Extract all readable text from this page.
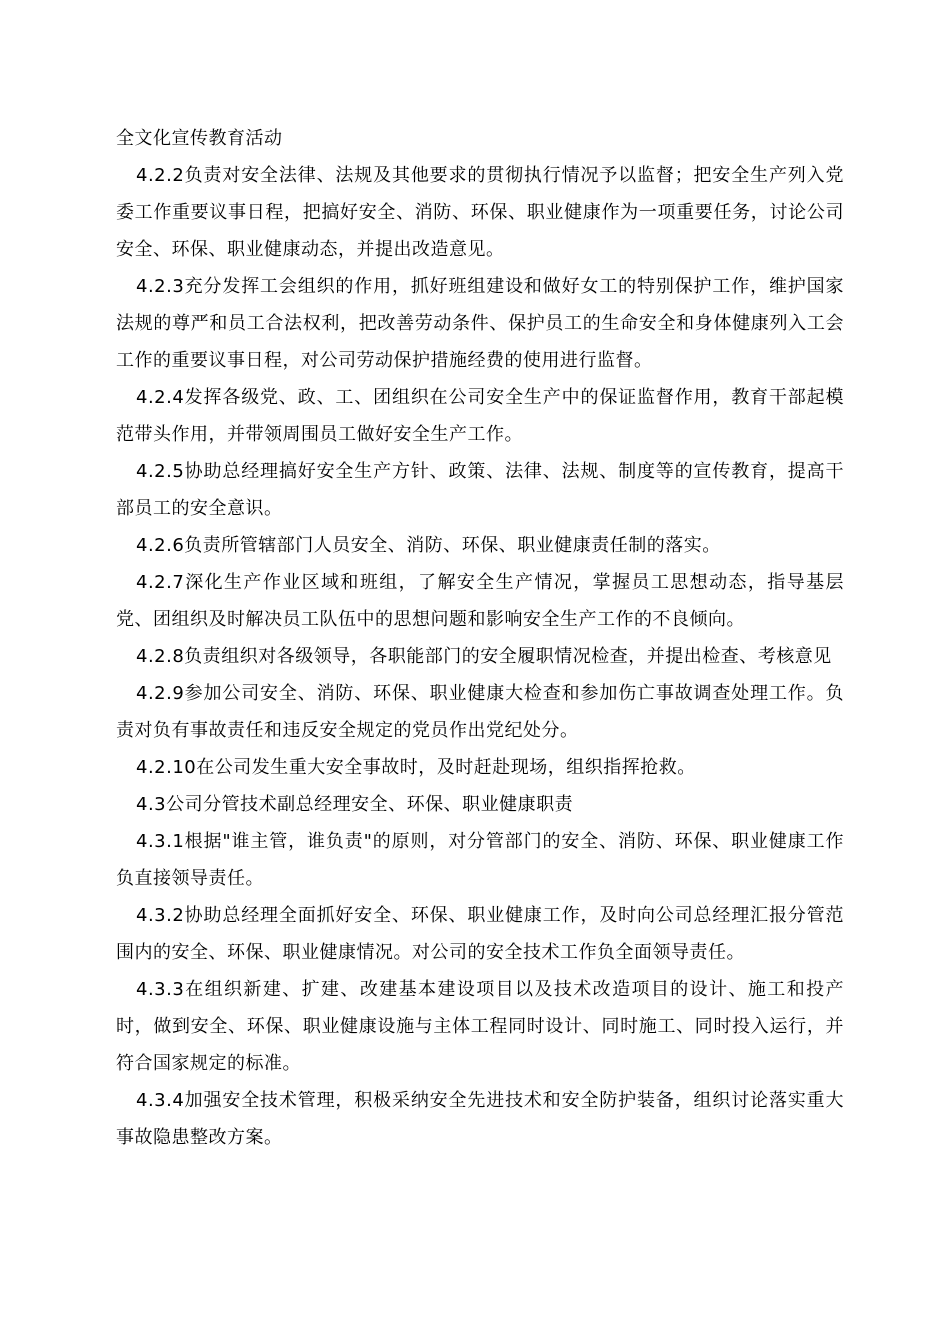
全文化宣传教育活动

4.2.2负责对安全法律、法规及其他要求的贯彻执行情况予以监督；把安全生产列入党委工作重要议事日程，把搞好安全、消防、环保、职业健康作为一项重要任务，讨论公司安全、环保、职业健康动态，并提出改造意见。

4.2.3充分发挥工会组织的作用，抓好班组建设和做好女工的特别保护工作，维护国家法规的尊严和员工合法权利，把改善劳动条件、保护员工的生命安全和身体健康列入工会工作的重要议事日程，对公司劳动保护措施经费的使用进行监督。

4.2.4发挥各级党、政、工、团组织在公司安全生产中的保证监督作用，教育干部起模范带头作用，并带领周围员工做好安全生产工作。

4.2.5协助总经理搞好安全生产方针、政策、法律、法规、制度等的宣传教育，提高干部员工的安全意识。

4.2.6负责所管辖部门人员安全、消防、环保、职业健康责任制的落实。

4.2.7深化生产作业区域和班组，了解安全生产情况，掌握员工思想动态，指导基层党、团组织及时解决员工队伍中的思想问题和影响安全生产工作的不良倾向。

4.2.8负责组织对各级领导，各职能部门的安全履职情况检查，并提出检查、考核意见

4.2.9参加公司安全、消防、环保、职业健康大检查和参加伤亡事故调查处理工作。负责对负有事故责任和违反安全规定的党员作出党纪处分。

4.2.10在公司发生重大安全事故时，及时赶赴现场，组织指挥抢救。

4.3公司分管技术副总经理安全、环保、职业健康职责

4.3.1根据"谁主管，谁负责"的原则，对分管部门的安全、消防、环保、职业健康工作负直接领导责任。

4.3.2协助总经理全面抓好安全、环保、职业健康工作，及时向公司总经理汇报分管范围内的安全、环保、职业健康情况。对公司的安全技术工作负全面领导责任。

4.3.3在组织新建、扩建、改建基本建设项目以及技术改造项目的设计、施工和投产时，做到安全、环保、职业健康设施与主体工程同时设计、同时施工、同时投入运行，并符合国家规定的标准。

4.3.4加强安全技术管理，积极采纳安全先进技术和安全防护装备，组织讨论落实重大事故隐患整改方案。
